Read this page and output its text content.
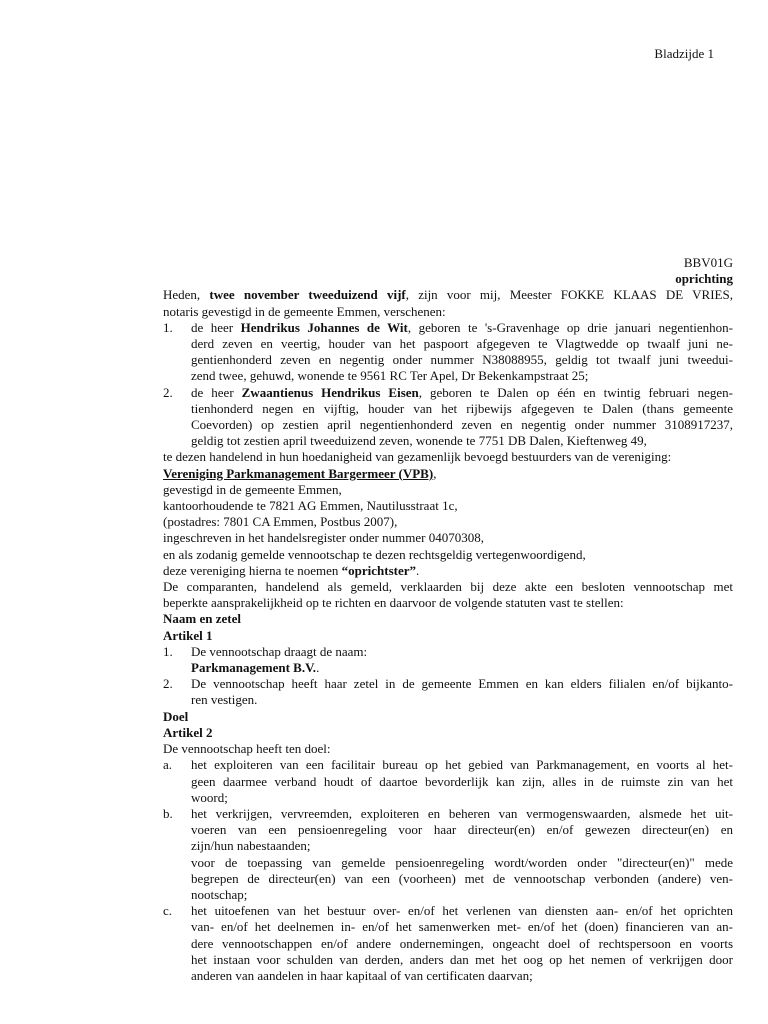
Bladzijde 1
BBV01G
oprichting
Heden, twee november tweeduizend vijf, zijn voor mij, Meester FOKKE KLAAS DE VRIES,
notaris gevestigd in de gemeente Emmen, verschenen:
1. de heer Hendrikus Johannes de Wit, geboren te 's-Gravenhage op drie januari negentienhon-
derd zeven en veertig, houder van het paspoort afgegeven te Vlagtwedde op twaalf juni ne-
gentienhonderd zeven en negentig onder nummer N38088955, geldig tot twaalf juni tweedui-
zend twee, gehuwd, wonende te 9561 RC Ter Apel, Dr Bekenkampstraat 25;
2. de heer Zwaantienus Hendrikus Eisen, geboren te Dalen op één en twintig februari negen-
tienhonderd negen en vijftig, houder van het rijbewijs afgegeven te Dalen (thans gemeente
Coevorden) op zestien april negentienhonderd zeven en negentig onder nummer 3108917237,
geldig tot zestien april tweeduizend zeven, wonende te 7751 DB Dalen, Kieftenweg 49,
te dezen handelend in hun hoedanigheid van gezamenlijk bevoegd bestuurders van de vereniging:
Vereniging Parkmanagement Bargermeer (VPB),
gevestigd in de gemeente Emmen,
kantoorhoudende te 7821 AG Emmen, Nautilusstraat 1c,
(postadres: 7801 CA Emmen, Postbus 2007),
ingeschreven in het handelsregister onder nummer 04070308,
en als zodanig gemelde vennootschap te dezen rechtsgeldig vertegenwoordigend,
deze vereniging hierna te noemen “oprichtster”.
De comparanten, handelend als gemeld, verklaarden bij deze akte een besloten vennootschap met
beperkte aansprakelijkheid op te richten en daarvoor de volgende statuten vast te stellen:
Naam en zetel
Artikel 1
1. De vennootschap draagt de naam:
Parkmanagement B.V..
2. De vennootschap heeft haar zetel in de gemeente Emmen en kan elders filialen en/of bijkanto-
ren vestigen.
Doel
Artikel 2
De vennootschap heeft ten doel:
a. het exploiteren van een facilitair bureau op het gebied van Parkmanagement, en voorts al het-
geen daarmee verband houdt of daartoe bevorderlijk kan zijn, alles in de ruimste zin van het
woord;
b. het verkrijgen, vervreemden, exploiteren en beheren van vermogenswaarden, alsmede het uit-
voeren van een pensioenregeling voor haar directeur(en) en/of gewezen directeur(en) en
zijn/hun nabestaanden;
voor de toepassing van gemelde pensioenregeling wordt/worden onder "directeur(en)" mede
begrepen de directeur(en) van een (voorheen) met de vennootschap verbonden (andere) ven-
nootschap;
c. het uitoefenen van het bestuur over- en/of het verlenen van diensten aan- en/of het oprichten
van- en/of het deelnemen in- en/of het samenwerken met- en/of het (doen) financieren van an-
dere vennootschappen en/of andere ondernemingen, ongeacht doel of rechtspersoon en voorts
het instaan voor schulden van derden, anders dan met het oog op het nemen of verkrijgen door
anderen van aandelen in haar kapitaal of van certificaten daarvan;
